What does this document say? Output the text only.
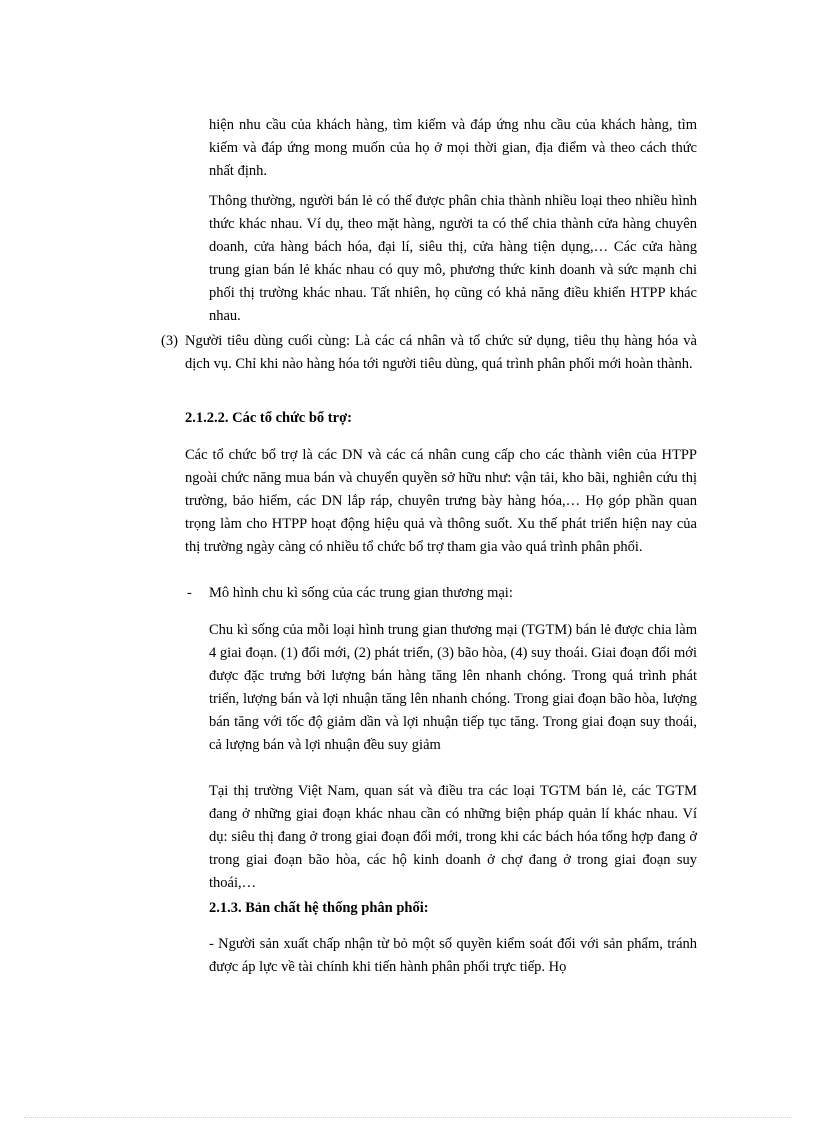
hiện nhu cầu của khách hàng, tìm kiếm và đáp ứng nhu cầu của khách hàng, tìm kiếm và đáp ứng mong muốn của họ ở mọi thời gian, địa điểm và theo cách thức nhất định.

Thông thường, người bán lẻ có thể được phân chia thành nhiều loại theo nhiều hình thức khác nhau. Ví dụ, theo mặt hàng, người ta có thể chia thành cửa hàng chuyên doanh, cửa hàng bách hóa, đại lí, siêu thị, cửa hàng tiện dụng,… Các cửa hàng trung gian bán lẻ khác nhau có quy mô, phương thức kinh doanh và sức mạnh chi phối thị trường khác nhau. Tất nhiên, họ cũng có khả năng điều khiển HTPP khác nhau.

(3) Người tiêu dùng cuối cùng: Là các cá nhân và tổ chức sử dụng, tiêu thụ hàng hóa và dịch vụ. Chỉ khi nào hàng hóa tới người tiêu dùng, quá trình phân phối mới hoàn thành.

2.1.2.2. Các tổ chức bổ trợ:

Các tổ chức bổ trợ là các DN và các cá nhân cung cấp cho các thành viên của HTPP ngoài chức năng mua bán và chuyển quyền sở hữu như: vận tải, kho bãi, nghiên cứu thị trường, bảo hiểm, các DN lắp ráp, chuyên trưng bày hàng hóa,… Họ góp phần quan trọng làm cho HTPP hoạt động hiệu quả và thông suốt. Xu thế phát triển hiện nay của thị trường ngày càng có nhiều tổ chức bổ trợ tham gia vào quá trình phân phối.

- Mô hình chu kì sống của các trung gian thương mại:

Chu kì sống của mỗi loại hình trung gian thương mại (TGTM) bán lẻ được chia làm 4 giai đoạn. (1) đổi mới, (2) phát triển, (3) bão hòa, (4) suy thoái. Giai đoạn đổi mới được đặc trưng bởi lượng bán hàng tăng lên nhanh chóng. Trong quá trình phát triển, lượng bán và lợi nhuận tăng lên nhanh chóng. Trong giai đoạn bão hòa, lượng bán tăng với tốc độ giảm dần và lợi nhuận tiếp tục tăng. Trong giai đoạn suy thoái, cả lượng bán và lợi nhuận đều suy giảm

Tại thị trường Việt Nam, quan sát và điều tra các loại TGTM bán lẻ, các TGTM đang ở những giai đoạn khác nhau cần có những biện pháp quản lí khác nhau. Ví dụ: siêu thị đang ở trong giai đoạn đổi mới, trong khi các bách hóa tổng hợp đang ở trong giai đoạn bão hòa, các hộ kinh doanh ở chợ đang ở trong giai đoạn suy thoái,…

2.1.3. Bản chất hệ thống phân phối:

- Người sản xuất chấp nhận từ bỏ một số quyền kiểm soát đối với sản phẩm, tránh được áp lực về tài chính khi tiến hành phân phối trực tiếp. Họ
